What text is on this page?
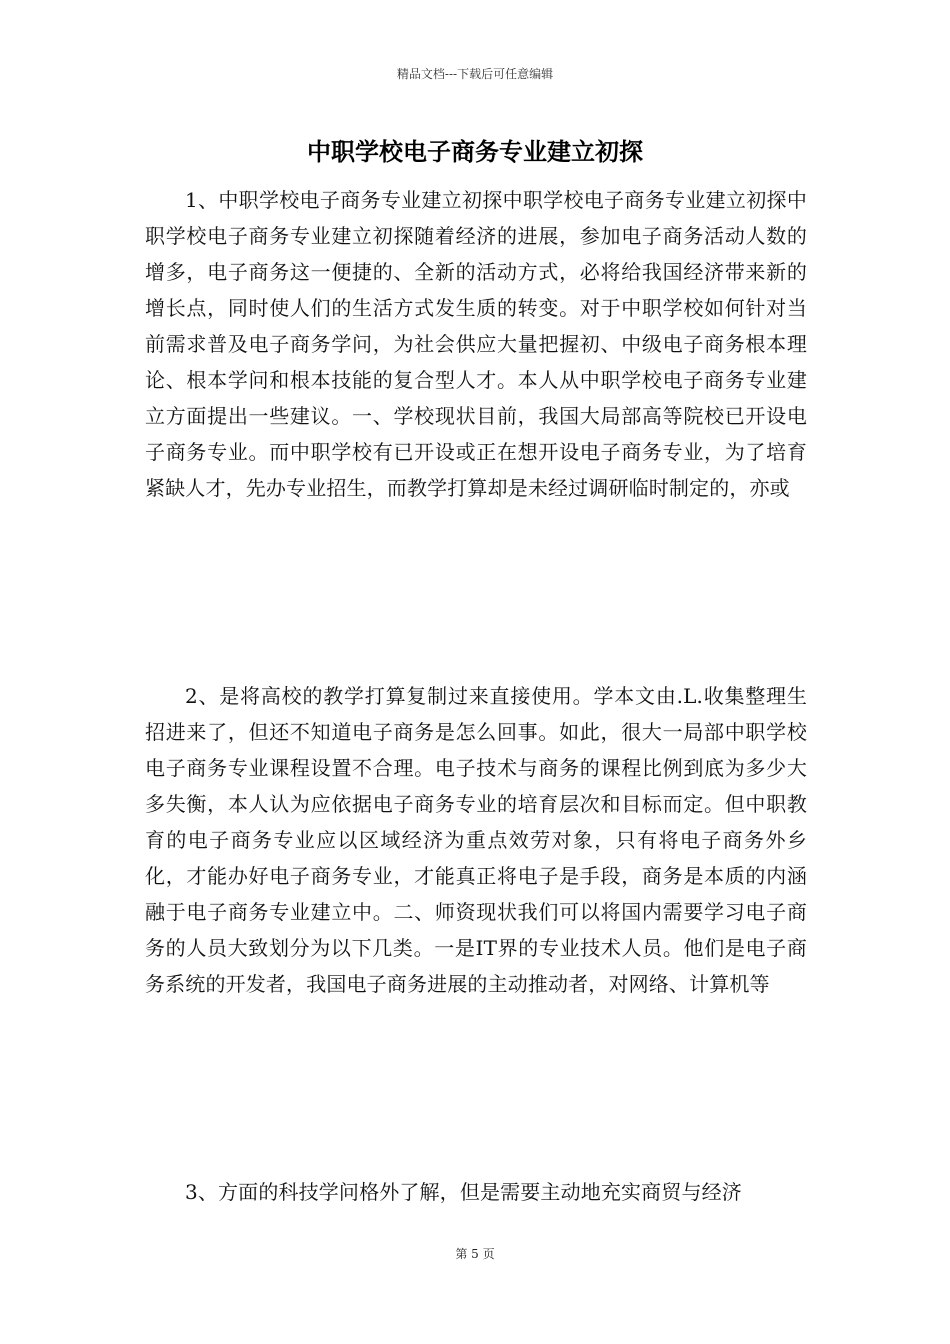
精品文档---下载后可任意编辑
中职学校电子商务专业建立初探

1、中职学校电子商务专业建立初探中职学校电子商务专业建立初探中职学校电子商务专业建立初探随着经济的进展，参加电子商务活动人数的增多，电子商务这一便捷的、全新的活动方式，必将给我国经济带来新的增长点，同时使人们的生活方式发生质的转变。对于中职学校如何针对当前需求普及电子商务学问，为社会供应大量把握初、中级电子商务根本理论、根本学问和根本技能的复合型人才。本人从中职学校电子商务专业建立方面提出一些建议。一、学校现状目前，我国大局部高等院校已开设电子商务专业。而中职学校有已开设或正在想开设电子商务专业，为了培育紧缺人才，先办专业招生，而教学打算却是未经过调研临时制定的，亦或

2、是将高校的教学打算复制过来直接使用。学本文由.L.收集整理生招进来了，但还不知道电子商务是怎么回事。如此，很大一局部中职学校电子商务专业课程设置不合理。电子技术与商务的课程比例到底为多少大多失衡，本人认为应依据电子商务专业的培育层次和目标而定。但中职教育的电子商务专业应以区域经济为重点效劳对象，只有将电子商务外乡化，才能办好电子商务专业，才能真正将电子是手段，商务是本质的内涵融于电子商务专业建立中。二、师资现状我们可以将国内需要学习电子商务的人员大致划分为以下几类。一是IT界的专业技术人员。他们是电子商务系统的开发者，我国电子商务进展的主动推动者，对网络、计算机等

3、方面的科技学问格外了解，但是需要主动地充实商贸与经济

第 5 页
